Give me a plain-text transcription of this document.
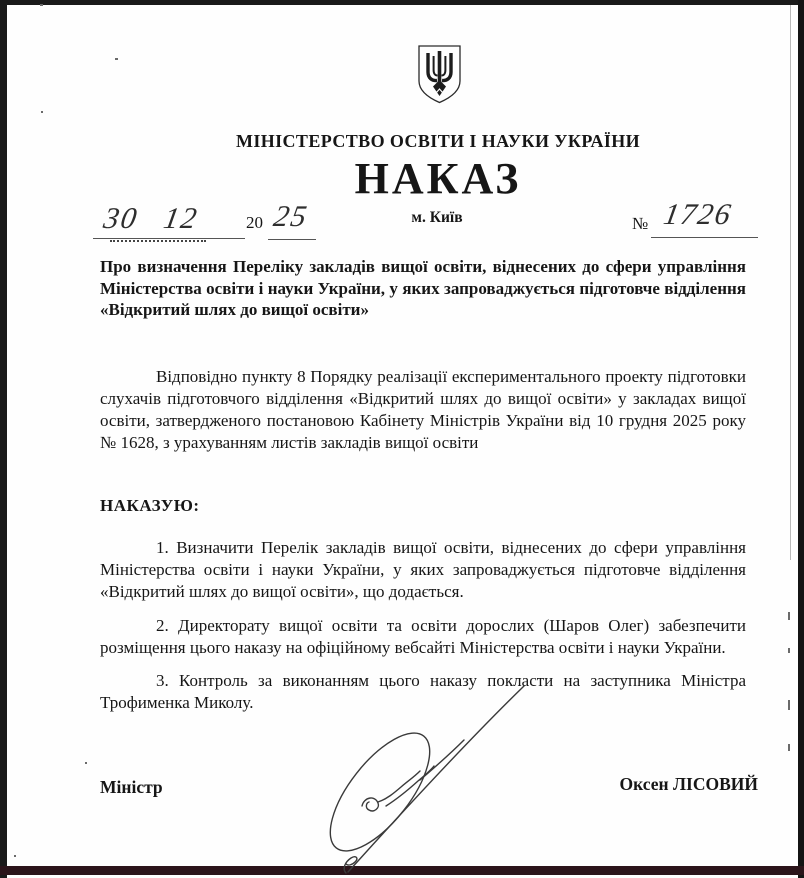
МІНІСТЕРСТВО ОСВІТИ І НАУКИ УКРАЇНИ
НАКАЗ
30 12	20 25	м. Київ	№ 1726
Про визначення Переліку закладів вищої освіти, віднесених до сфери управління Міністерства освіти і науки України, у яких запроваджується підготовче відділення «Відкритий шлях до вищої освіти»
Відповідно пункту 8 Порядку реалізації експериментального проекту підготовки слухачів підготовчого відділення «Відкритий шлях до вищої освіти» у закладах вищої освіти, затвердженого постановою Кабінету Міністрів України від 10 грудня 2025 року № 1628, з урахуванням листів закладів вищої освіти
НАКАЗУЮ:

1. Визначити Перелік закладів вищої освіти, віднесених до сфери управління Міністерства освіти і науки України, у яких запроваджується підготовче відділення «Відкритий шлях до вищої освіти», що додається.

2. Директорату вищої освіти та освіти дорослих (Шаров Олег) забезпечити розміщення цього наказу на офіційному вебсайті Міністерства освіти і науки України.

3. Контроль за виконанням цього наказу покласти на заступника Міністра Трофименка Миколу.

Міністр	Оксен ЛІСОВИЙ
